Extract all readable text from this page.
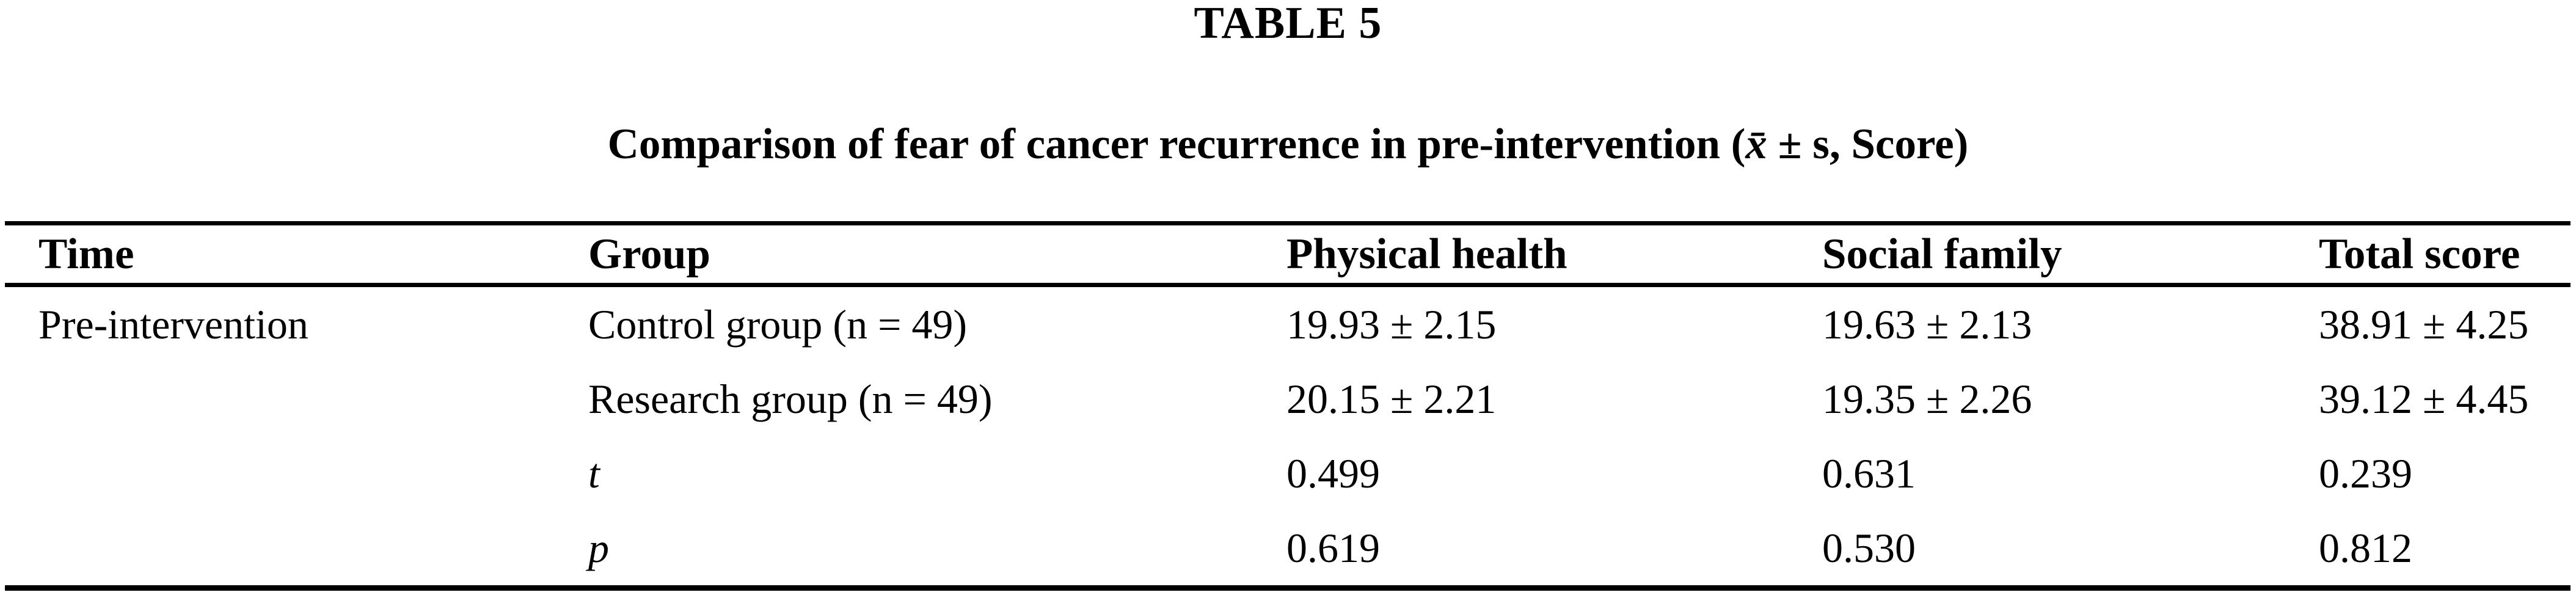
TABLE 5
Comparison of fear of cancer recurrence in pre-intervention (x̄ ± s, Score)
Time	Group	Physical health	Social family	Total score
Pre-intervention	Control group (n = 49)	19.93 ± 2.15	19.63 ± 2.13	38.91 ± 4.25
	Research group (n = 49)	20.15 ± 2.21	19.35 ± 2.26	39.12 ± 4.45
	t	0.499	0.631	0.239
	p	0.619	0.530	0.812
